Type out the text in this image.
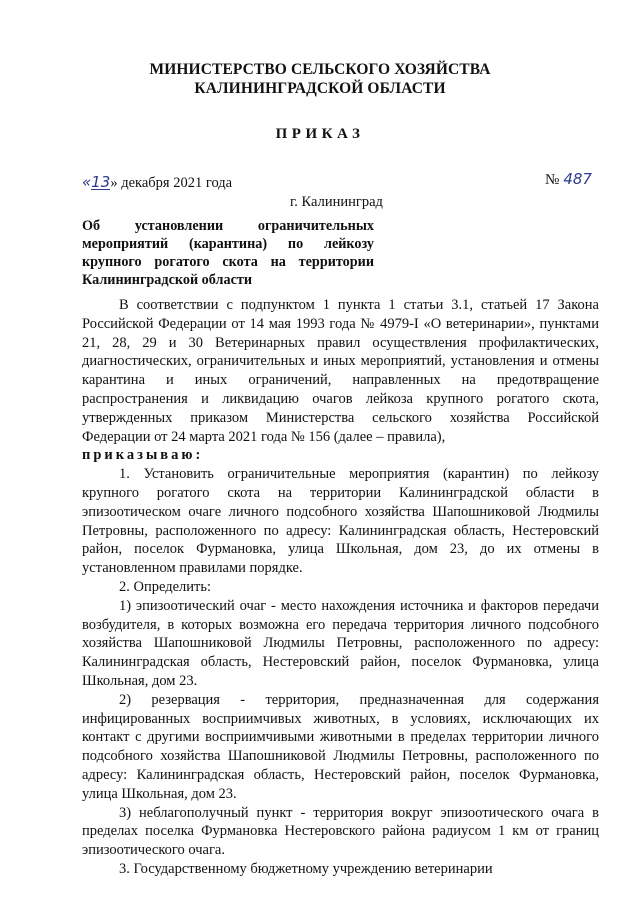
МИНИСТЕРСТВО СЕЛЬСКОГО ХОЗЯЙСТВА
КАЛИНИНГРАДСКОЙ ОБЛАСТИ
ПРИКАЗ
«13» декабря 2021 года	№ 487
г. Калининград
Об установлении ограничительных мероприятий (карантина) по лейкозу крупного рогатого скота на территории Калининградской области

В соответствии с подпунктом 1 пункта 1 статьи 3.1, статьей 17 Закона Российской Федерации от 14 мая 1993 года № 4979-I «О ветеринарии», пунктами 21, 28, 29 и 30 Ветеринарных правил осуществления профилактических, диагностических, ограничительных и иных мероприятий, установления и отмены карантина и иных ограничений, направленных на предотвращение распространения и ликвидацию очагов лейкоза крупного рогатого скота, утвержденных приказом Министерства сельского хозяйства Российской Федерации от 24 марта 2021 года № 156 (далее – правила),

приказываю:

1. Установить ограничительные мероприятия (карантин) по лейкозу крупного рогатого скота на территории Калининградской области в эпизоотическом очаге личного подсобного хозяйства Шапошниковой Людмилы Петровны, расположенного по адресу: Калининградская область, Нестеровский район, поселок Фурмановка, улица Школьная, дом 23, до их отмены в установленном правилами порядке.

2. Определить:

1) эпизоотический очаг - место нахождения источника и факторов передачи возбудителя, в которых возможна его передача территория личного подсобного хозяйства Шапошниковой Людмилы Петровны, расположенного по адресу: Калининградская область, Нестеровский район, поселок Фурмановка, улица Школьная, дом 23.

2) резервация - территория, предназначенная для содержания инфицированных восприимчивых животных, в условиях, исключающих их контакт с другими восприимчивыми животными в пределах территории личного подсобного хозяйства Шапошниковой Людмилы Петровны, расположенного по адресу: Калининградская область, Нестеровский район, поселок Фурмановка, улица Школьная, дом 23.

3) неблагополучный пункт - территория вокруг эпизоотического очага в пределах поселка Фурмановка Нестеровского района радиусом 1 км от границ эпизоотического очага.

3. Государственному бюджетному учреждению ветеринарии
